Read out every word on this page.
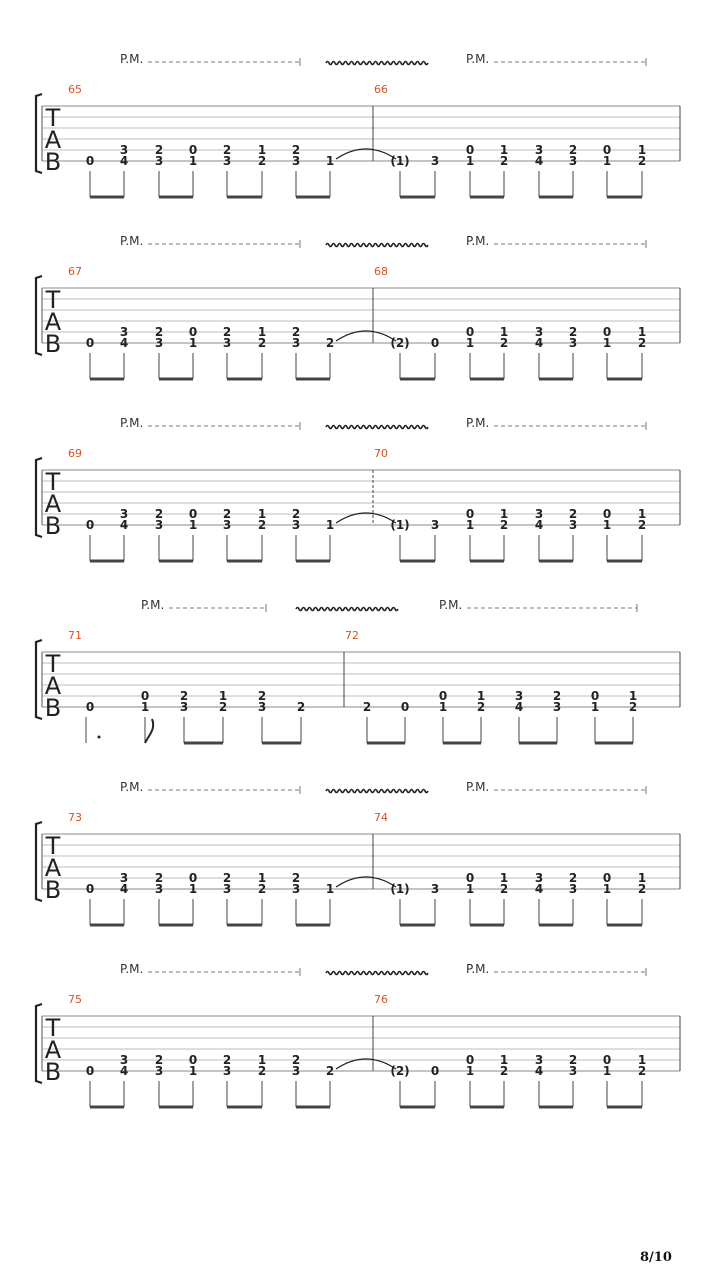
T
A
B
65	66
P.M.	P.M.
0
3
4
2
3
0
1
2
3
1
2
2
3 1	(1) 3
0
1
1
2
3
4
2
3
0
1
1
2
T
A
B
67	68
P.M.	P.M.
0
3
4
2
3
0
1
2
3
1
2
2
3 2	(2) 0
0
1
1
2
3
4
2
3
0
1
1
2
T
A
B
69	70
P.M.	P.M.
0
3
4
2
3
0
1
2
3
1
2
2
3 1	(1) 3
0
1
1
2
3
4
2
3
0
1
1
2
T
A
B
71	72
P.M.	P.M.
0
0
1
2
3
1
2
2
3	2	2 0
0
1
1
2
3
4
2
3
0
1
1
2
T
A
B
73	74
P.M.	P.M.
0
3
4
2
3
0
1
2
3
1
2
2
3 1	(1) 3
0
1
1
2
3
4
2
3
0
1
1
2
T
A
B
75	76
P.M.	P.M.
0
3
4
2
3
0
1
2
3
1
2
2
3 2	(2) 0
0
1
1
2
3
4
2
3
0
1
1
2
8/10
